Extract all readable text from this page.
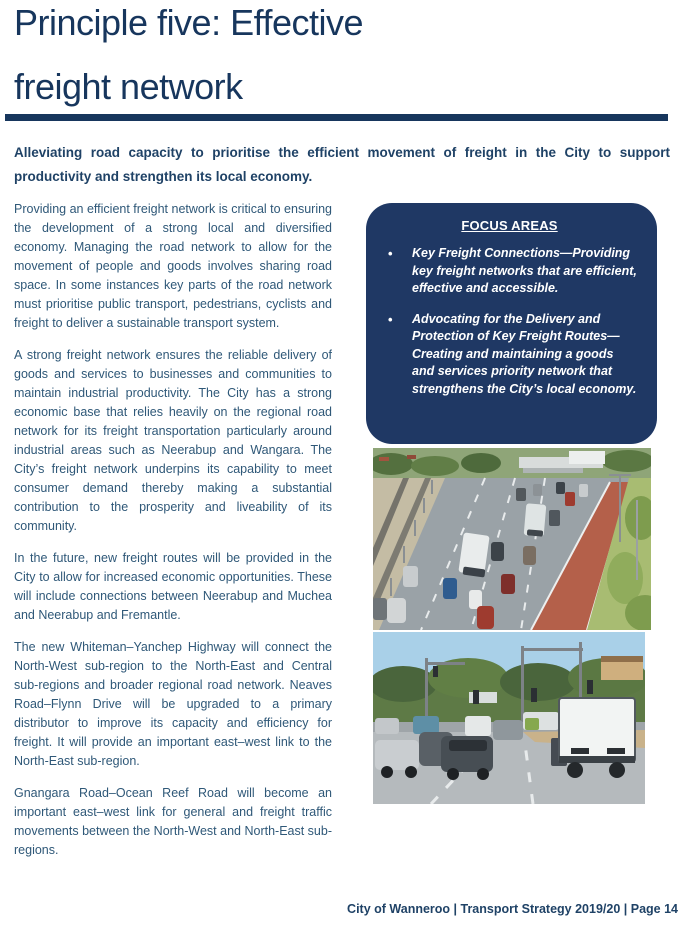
Principle five: Effective
freight network
Alleviating road capacity to prioritise the efficient movement of freight in the City to support productivity and strengthen its local economy.

Providing an efficient freight network is critical to ensuring the development of a strong local and diversified economy. Managing the road network to allow for the movement of people and goods involves sharing road space. In some instances key parts of the road network must prioritise public transport, pedestrians, cyclists and freight to deliver a sustainable transport system.

A strong freight network ensures the reliable delivery of goods and services to businesses and communities to maintain industrial productivity. The City has a strong economic base that relies heavily on the regional road network for its freight transportation particularly around industrial areas such as Neerabup and Wangara. The City’s freight network underpins its capability to meet consumer demand thereby making a substantial contribution to the prosperity and liveability of its community.

In the future, new freight routes will be provided in the City to allow for increased economic opportunities. These will include connections between Neerabup and Muchea and Neerabup and Fremantle.

The new Whiteman–Yanchep Highway will connect the North-West sub-region to the North-East and Central sub-regions and broader regional road network. Neaves Road–Flynn Drive will be upgraded to a primary distributor to improve its capacity and efficiency for freight. It will provide an important east–west link to the North-East sub-region.

Gnangara Road–Ocean Reef Road will become an important east–west link for general and freight traffic movements between the North-West and North-East sub-regions.

FOCUS AREAS
•	Key Freight Connections—Providing key freight networks that are efficient, effective and accessible.
•	Advocating for the Delivery and Protection of Key Freight Routes—Creating and maintaining a goods and services priority network that strengthens the City’s local economy.
City of Wanneroo | Transport Strategy 2019/20 | Page 14
